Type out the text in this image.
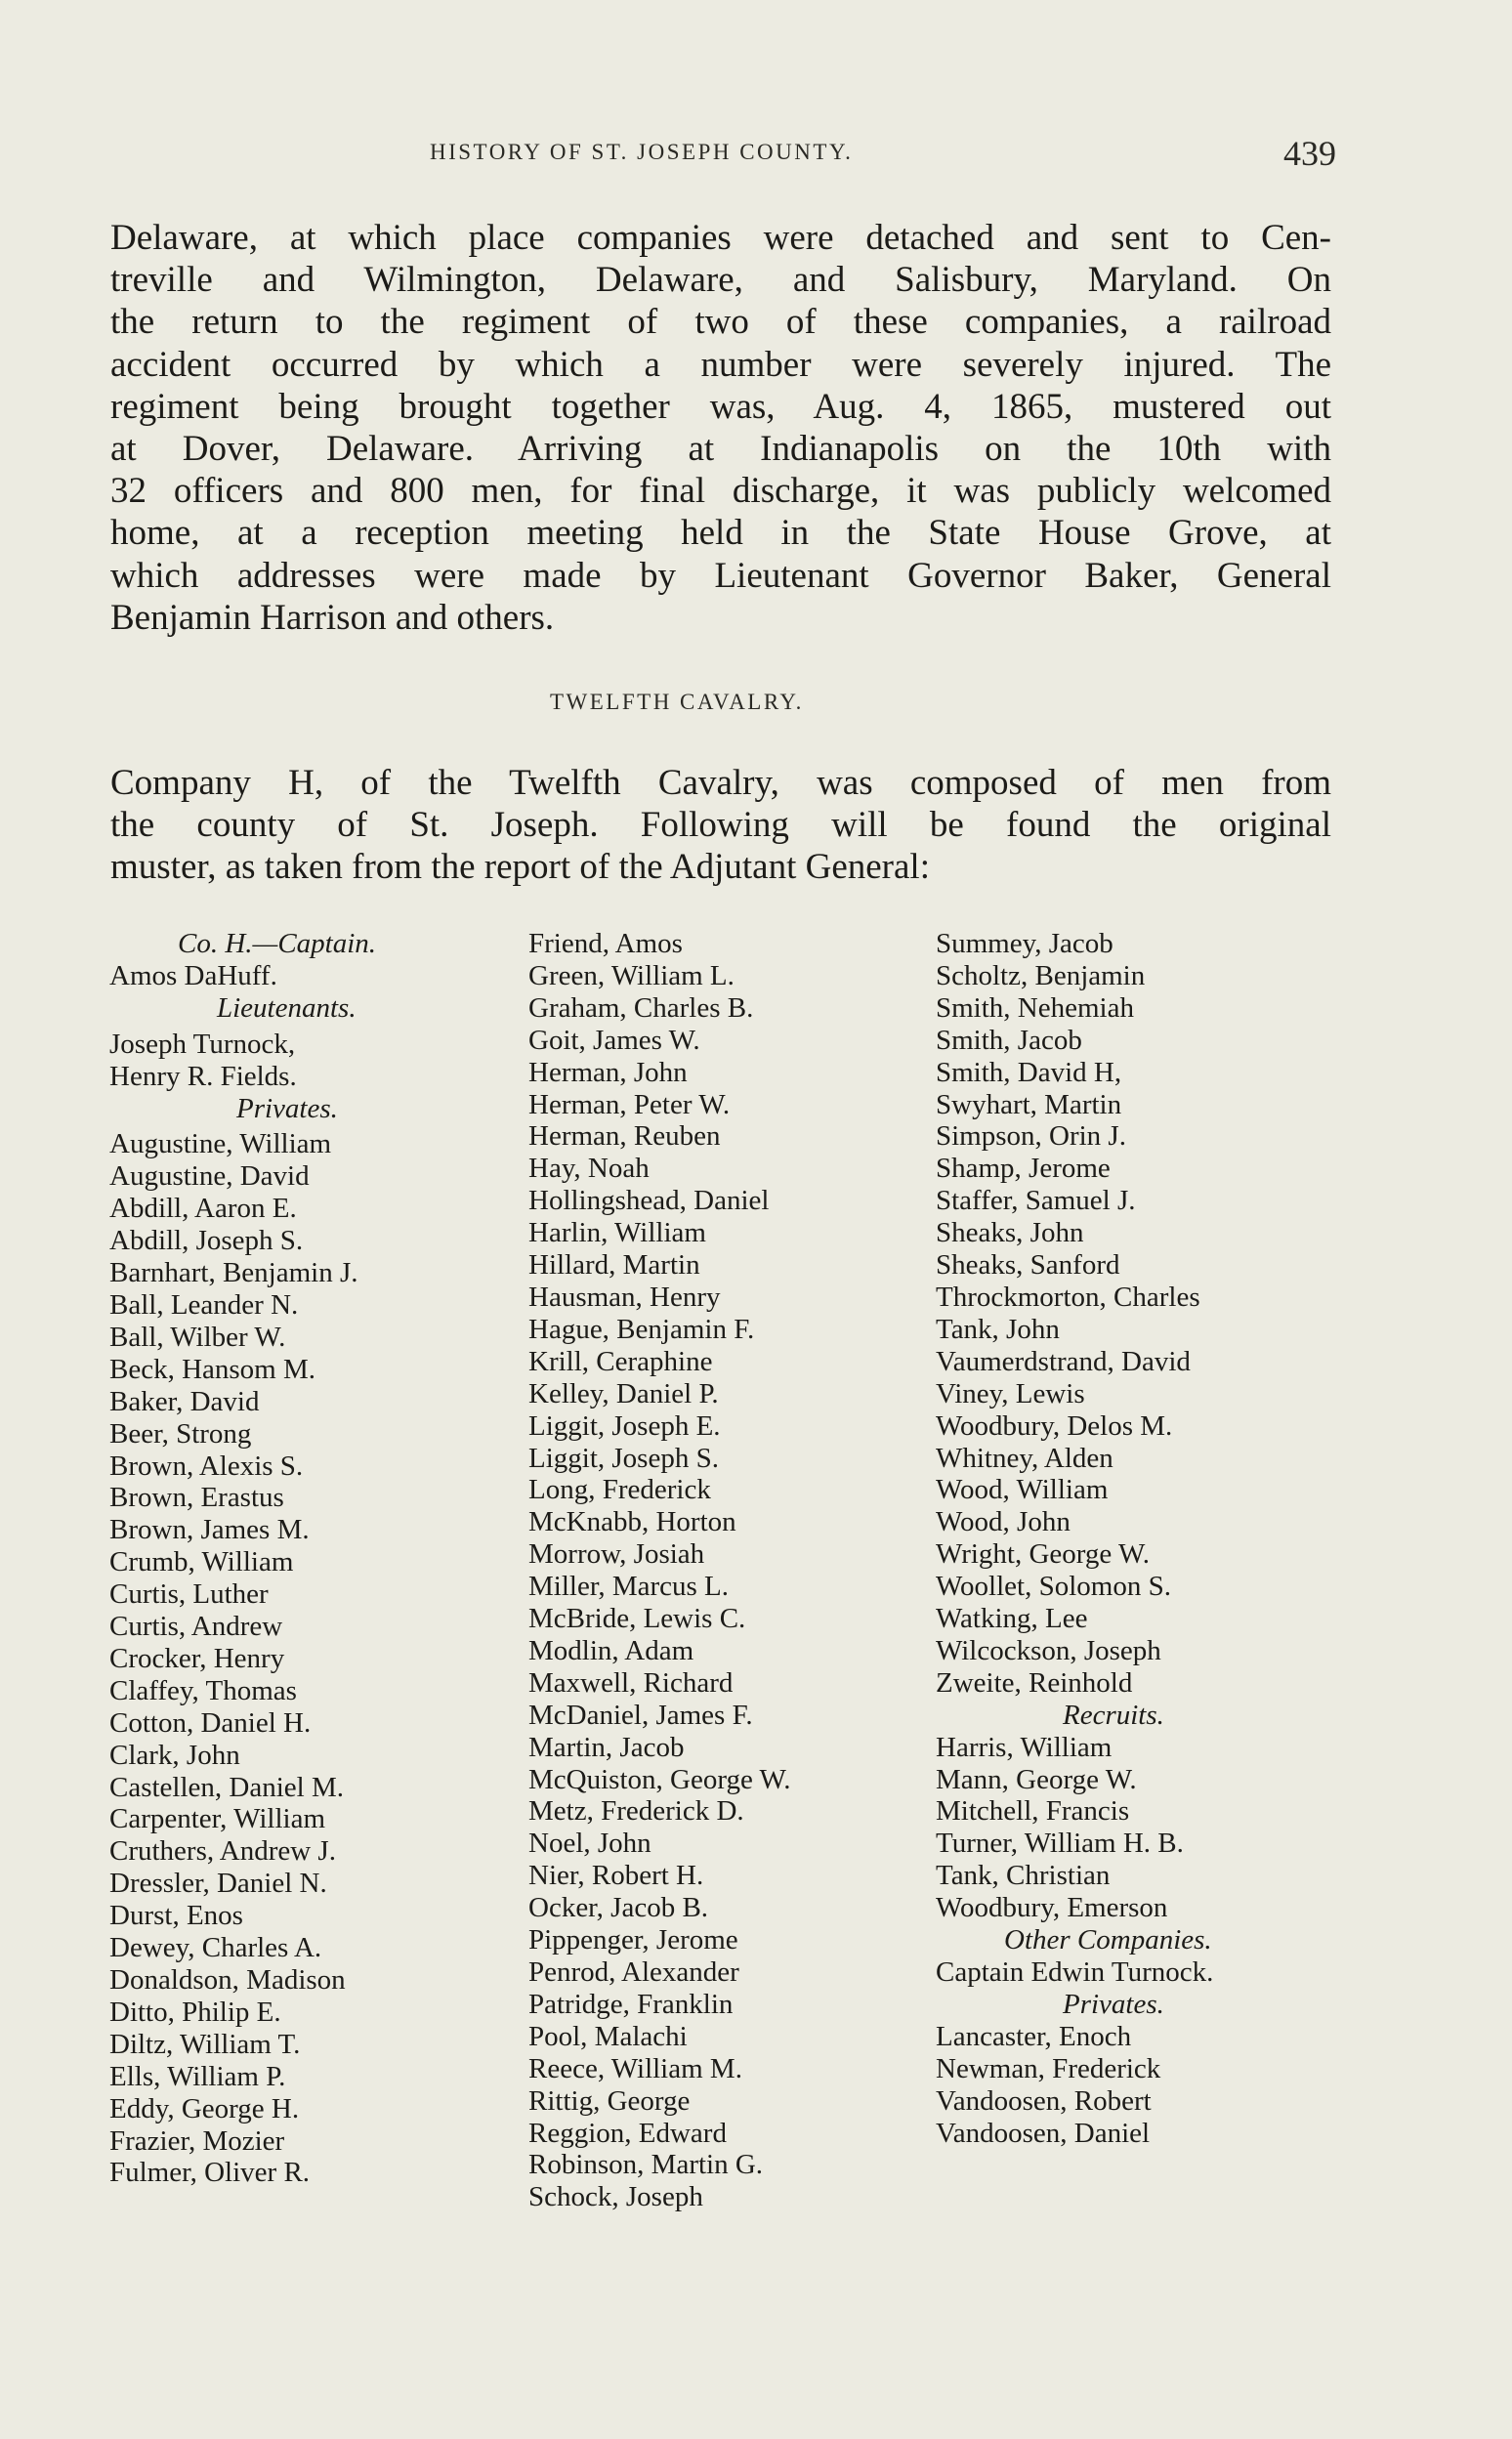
HISTORY OF ST. JOSEPH COUNTY.	439

Delaware, at which place companies were detached and sent to Cen-
treville and Wilmington, Delaware, and Salisbury, Maryland. On
the return to the regiment of two of these companies, a railroad
accident occurred by which a number were severely injured. The
regiment being brought together was, Aug. 4, 1865, mustered out
at Dover, Delaware. Arriving at Indianapolis on the 10th with
32 officers and 800 men, for final discharge, it was publicly welcomed
home, at a reception meeting held in the State House Grove, at
which addresses were made by Lieutenant Governor Baker, General
Benjamin Harrison and others.

TWELFTH CAVALRY.

Company H, of the Twelfth Cavalry, was composed of men from
the county of St. Joseph. Following will be found the original
muster, as taken from the report of the Adjutant General:

Co. H.—Captain.
Amos DaHuff.
Lieutenants.
Joseph Turnock,
Henry R. Fields.
Privates.
Augustine, William
Augustine, David
Abdill, Aaron E.
Abdill, Joseph S.
Barnhart, Benjamin J.
Ball, Leander N.
Ball, Wilber W.
Beck, Hansom M.
Baker, David
Beer, Strong
Brown, Alexis S.
Brown, Erastus
Brown, James M.
Crumb, William
Curtis, Luther
Curtis, Andrew
Crocker, Henry
Claffey, Thomas
Cotton, Daniel H.
Clark, John
Castellen, Daniel M.
Carpenter, William
Cruthers, Andrew J.
Dressler, Daniel N.
Durst, Enos
Dewey, Charles A.
Donaldson, Madison
Ditto, Philip E.
Diltz, William T.
Ells, William P.
Eddy, George H.
Frazier, Mozier
Fulmer, Oliver R.
Friend, Amos
Green, William L.
Graham, Charles B.
Goit, James W.
Herman, John
Herman, Peter W.
Herman, Reuben
Hay, Noah
Hollingshead, Daniel
Harlin, William
Hillard, Martin
Hausman, Henry
Hague, Benjamin F.
Krill, Ceraphine
Kelley, Daniel P.
Liggit, Joseph E.
Liggit, Joseph S.
Long, Frederick
McKnabb, Horton
Morrow, Josiah
Miller, Marcus L.
McBride, Lewis C.
Modlin, Adam
Maxwell, Richard
McDaniel, James F.
Martin, Jacob
McQuiston, George W.
Metz, Frederick D.
Noel, John
Nier, Robert H.
Ocker, Jacob B.
Pippenger, Jerome
Penrod, Alexander
Patridge, Franklin
Pool, Malachi
Reece, William M.
Rittig, George
Reggion, Edward
Robinson, Martin G.
Schock, Joseph
Summey, Jacob
Scholtz, Benjamin
Smith, Nehemiah
Smith, Jacob
Smith, David H,
Swyhart, Martin
Simpson, Orin J.
Shamp, Jerome
Staffer, Samuel J.
Sheaks, John
Sheaks, Sanford
Throckmorton, Charles
Tank, John
Vaumerdstrand, David
Viney, Lewis
Woodbury, Delos M.
Whitney, Alden
Wood, William
Wood, John
Wright, George W.
Woollet, Solomon S.
Watking, Lee
Wilcockson, Joseph
Zweite, Reinhold
Recruits.
Harris, William
Mann, George W.
Mitchell, Francis
Turner, William H. B.
Tank, Christian
Woodbury, Emerson
Other Companies.
Captain Edwin Turnock.
Privates.
Lancaster, Enoch
Newman, Frederick
Vandoosen, Robert
Vandoosen, Daniel
